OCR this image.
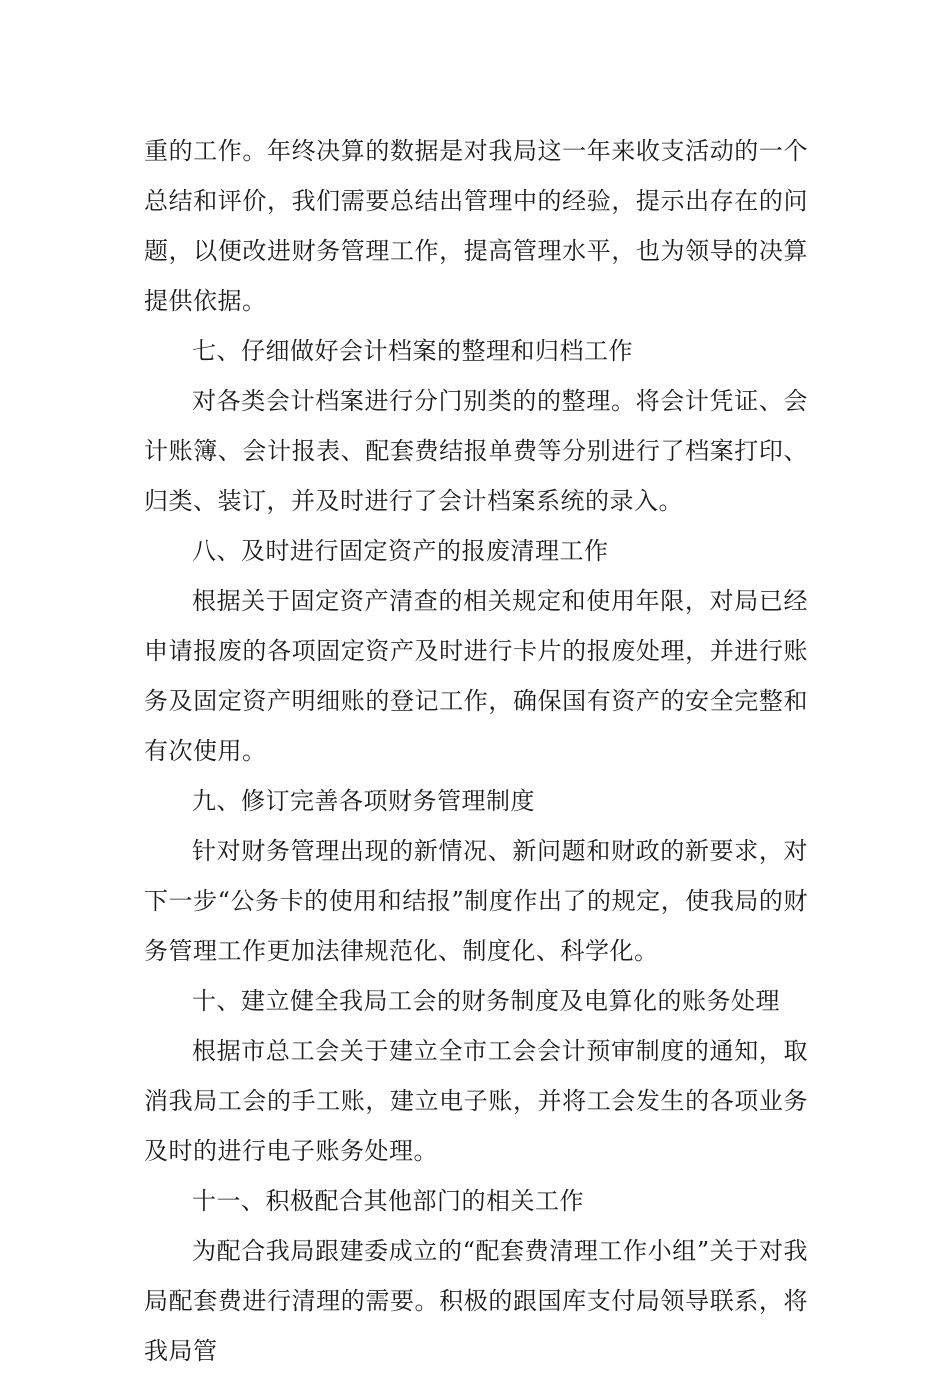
重的工作。年终决算的数据是对我局这一年来收支活动的一个总结和评价，我们需要总结出管理中的经验，提示出存在的问题，以便改进财务管理工作，提高管理水平，也为领导的决算提供依据。

七、仔细做好会计档案的整理和归档工作

对各类会计档案进行分门别类的的整理。将会计凭证、会计账簿、会计报表、配套费结报单费等分别进行了档案打印、归类、装订，并及时进行了会计档案系统的录入。

八、及时进行固定资产的报废清理工作

根据关于固定资产清查的相关规定和使用年限，对局已经申请报废的各项固定资产及时进行卡片的报废处理，并进行账务及固定资产明细账的登记工作，确保国有资产的安全完整和有次使用。

九、修订完善各项财务管理制度

针对财务管理出现的新情况、新问题和财政的新要求，对下一步“公务卡的使用和结报”制度作出了的规定，使我局的财务管理工作更加法律规范化、制度化、科学化。

十、建立健全我局工会的财务制度及电算化的账务处理

根据市总工会关于建立全市工会会计预审制度的通知，取消我局工会的手工账，建立电子账，并将工会发生的各项业务及时的进行电子账务处理。

十一、积极配合其他部门的相关工作

为配合我局跟建委成立的“配套费清理工作小组”关于对我局配套费进行清理的需要。积极的跟国库支付局领导联系，将我局管
